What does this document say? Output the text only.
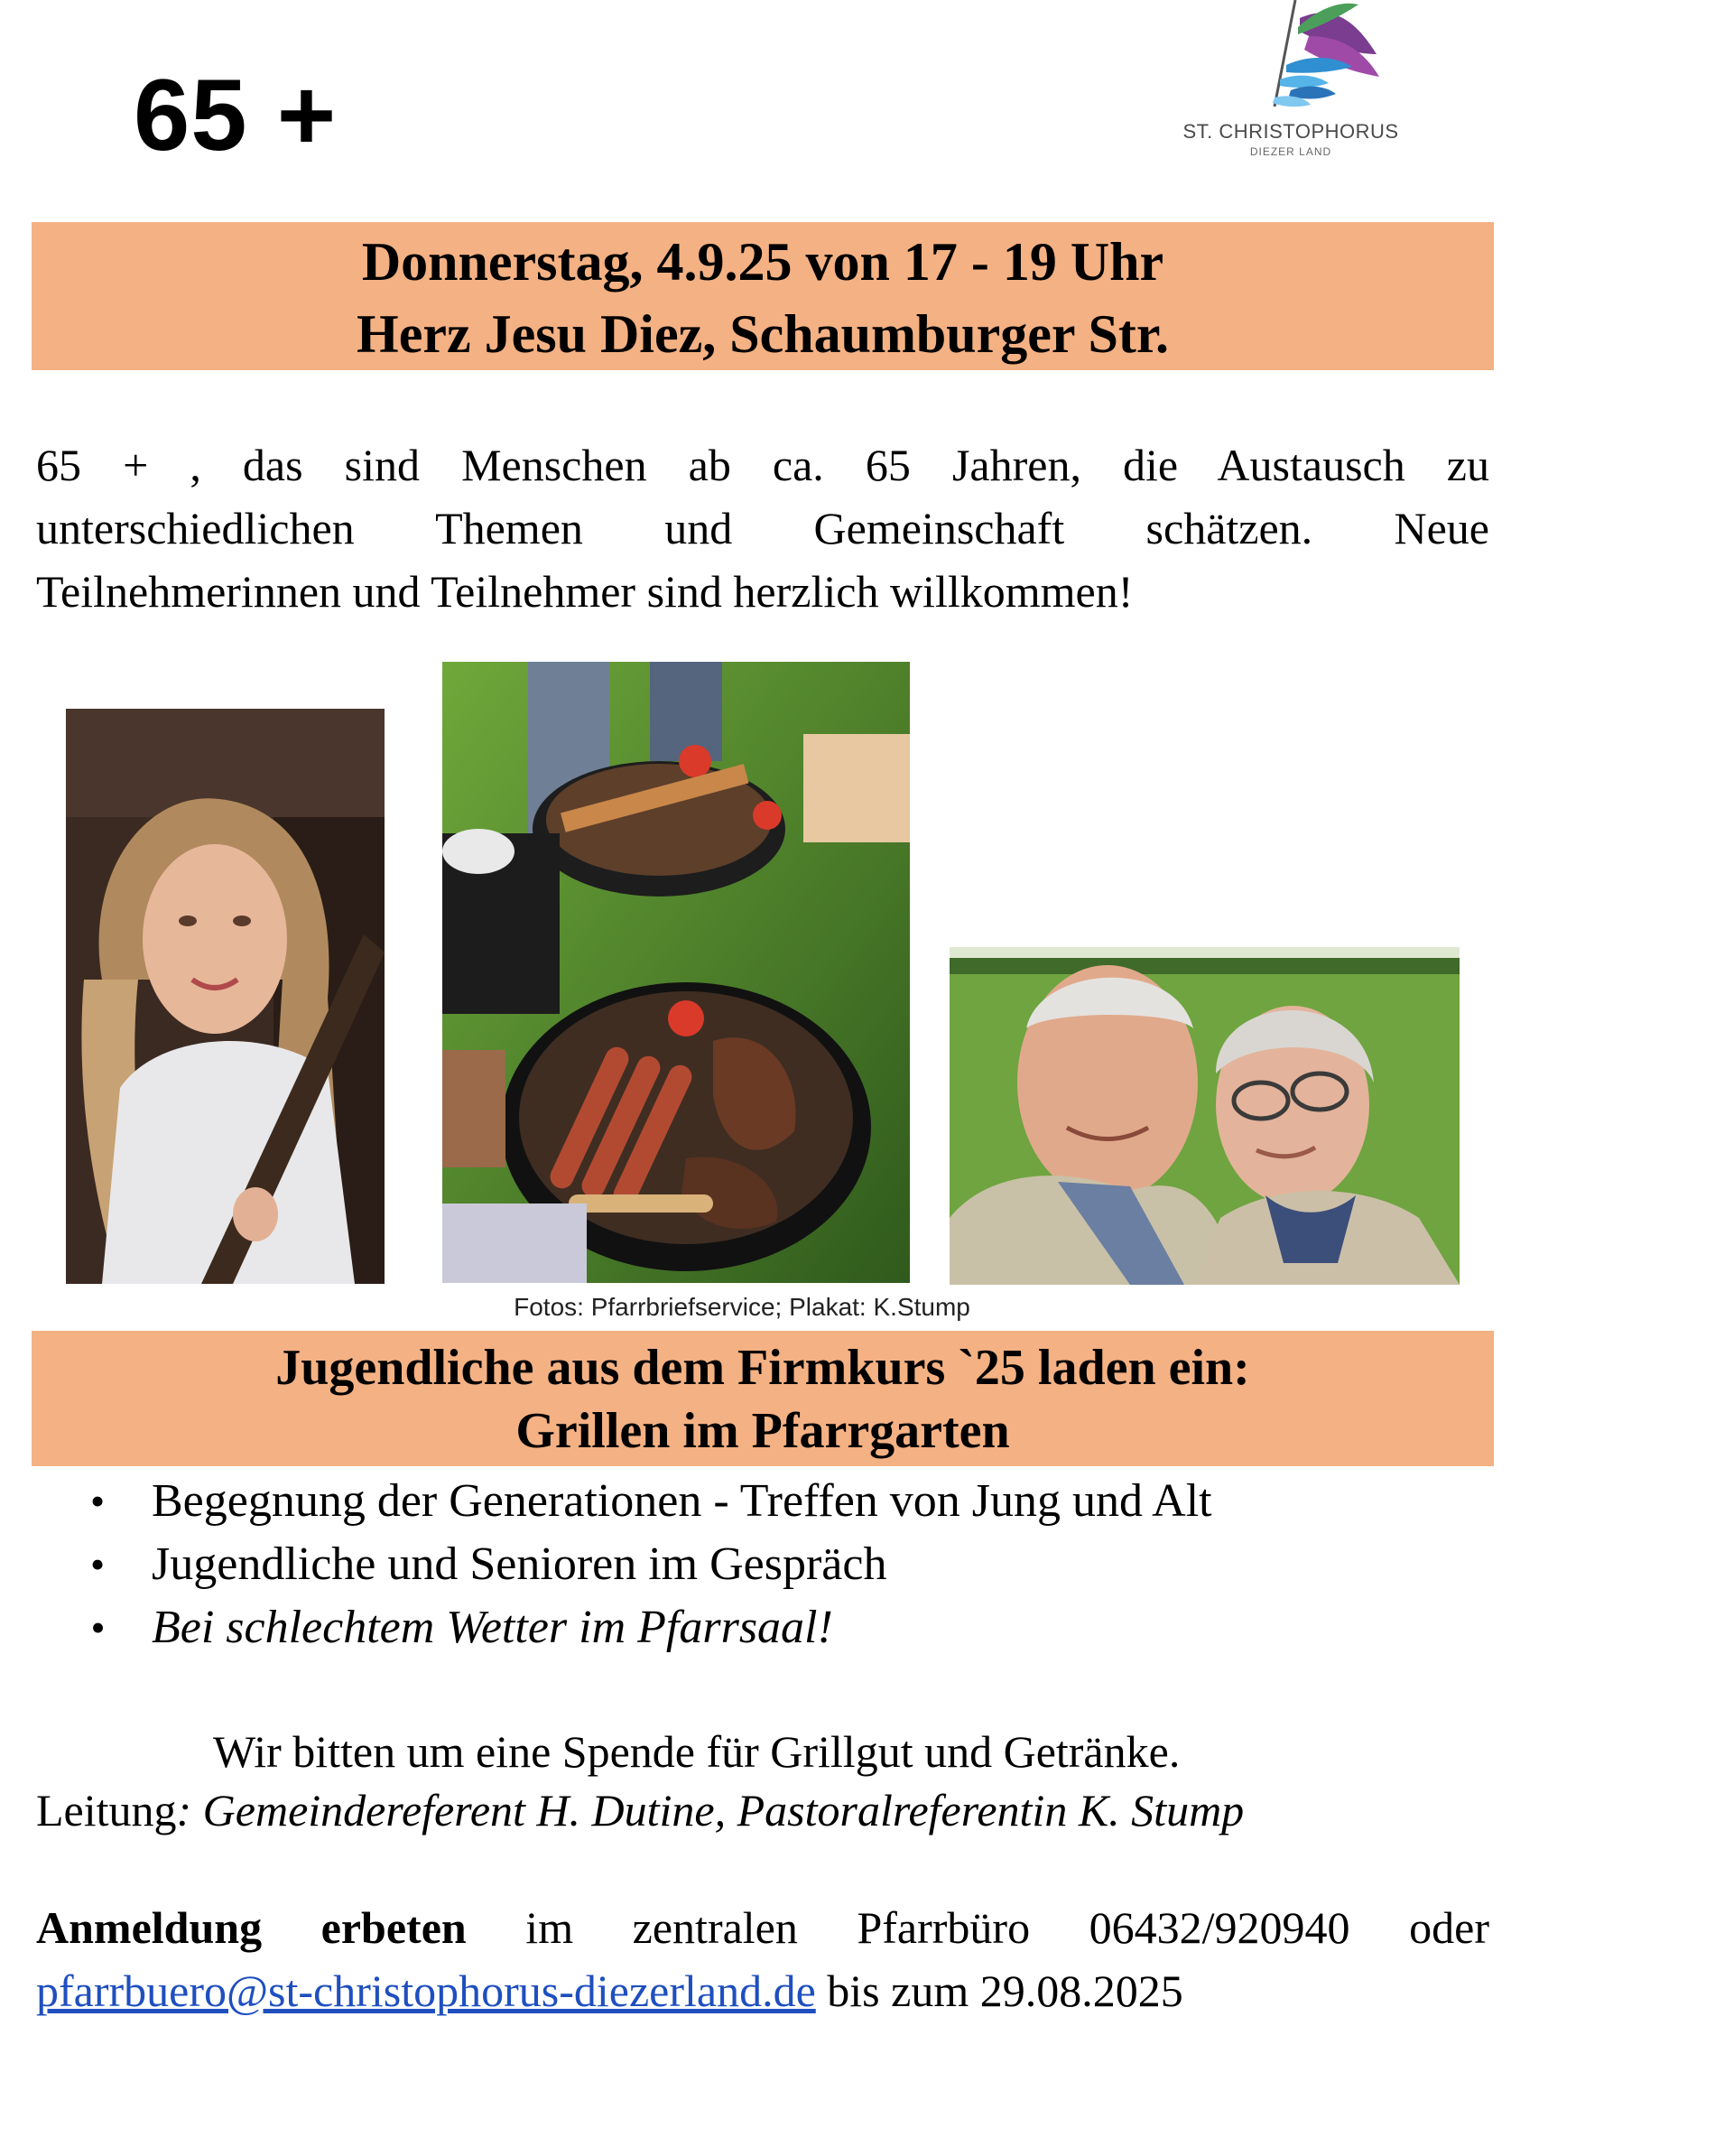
65 +	ST. CHRISTOPHORUS
DIEZER LAND
Donnerstag, 4.9.25 von 17 - 19 Uhr
Herz Jesu Diez, Schaumburger Str.
65 + , das sind Menschen ab ca. 65 Jahren, die Austausch zu
unterschiedlichen Themen und Gemeinschaft schätzen. Neue
Teilnehmerinnen und Teilnehmer sind herzlich willkommen!
Fotos: Pfarrbriefservice; Plakat: K.Stump
Jugendliche aus dem Firmkurs `25 laden ein:
Grillen im Pfarrgarten
• Begegnung der Generationen - Treffen von Jung und Alt
• Jugendliche und Senioren im Gespräch
• Bei schlechtem Wetter im Pfarrsaal!
Wir bitten um eine Spende für Grillgut und Getränke.
Leitung: Gemeindereferent H. Dutine, Pastoralreferentin K. Stump
Anmeldung erbeten im zentralen Pfarrbüro 06432/920940 oder
pfarrbuero@st-christophorus-diezerland.de bis zum 29.08.2025
